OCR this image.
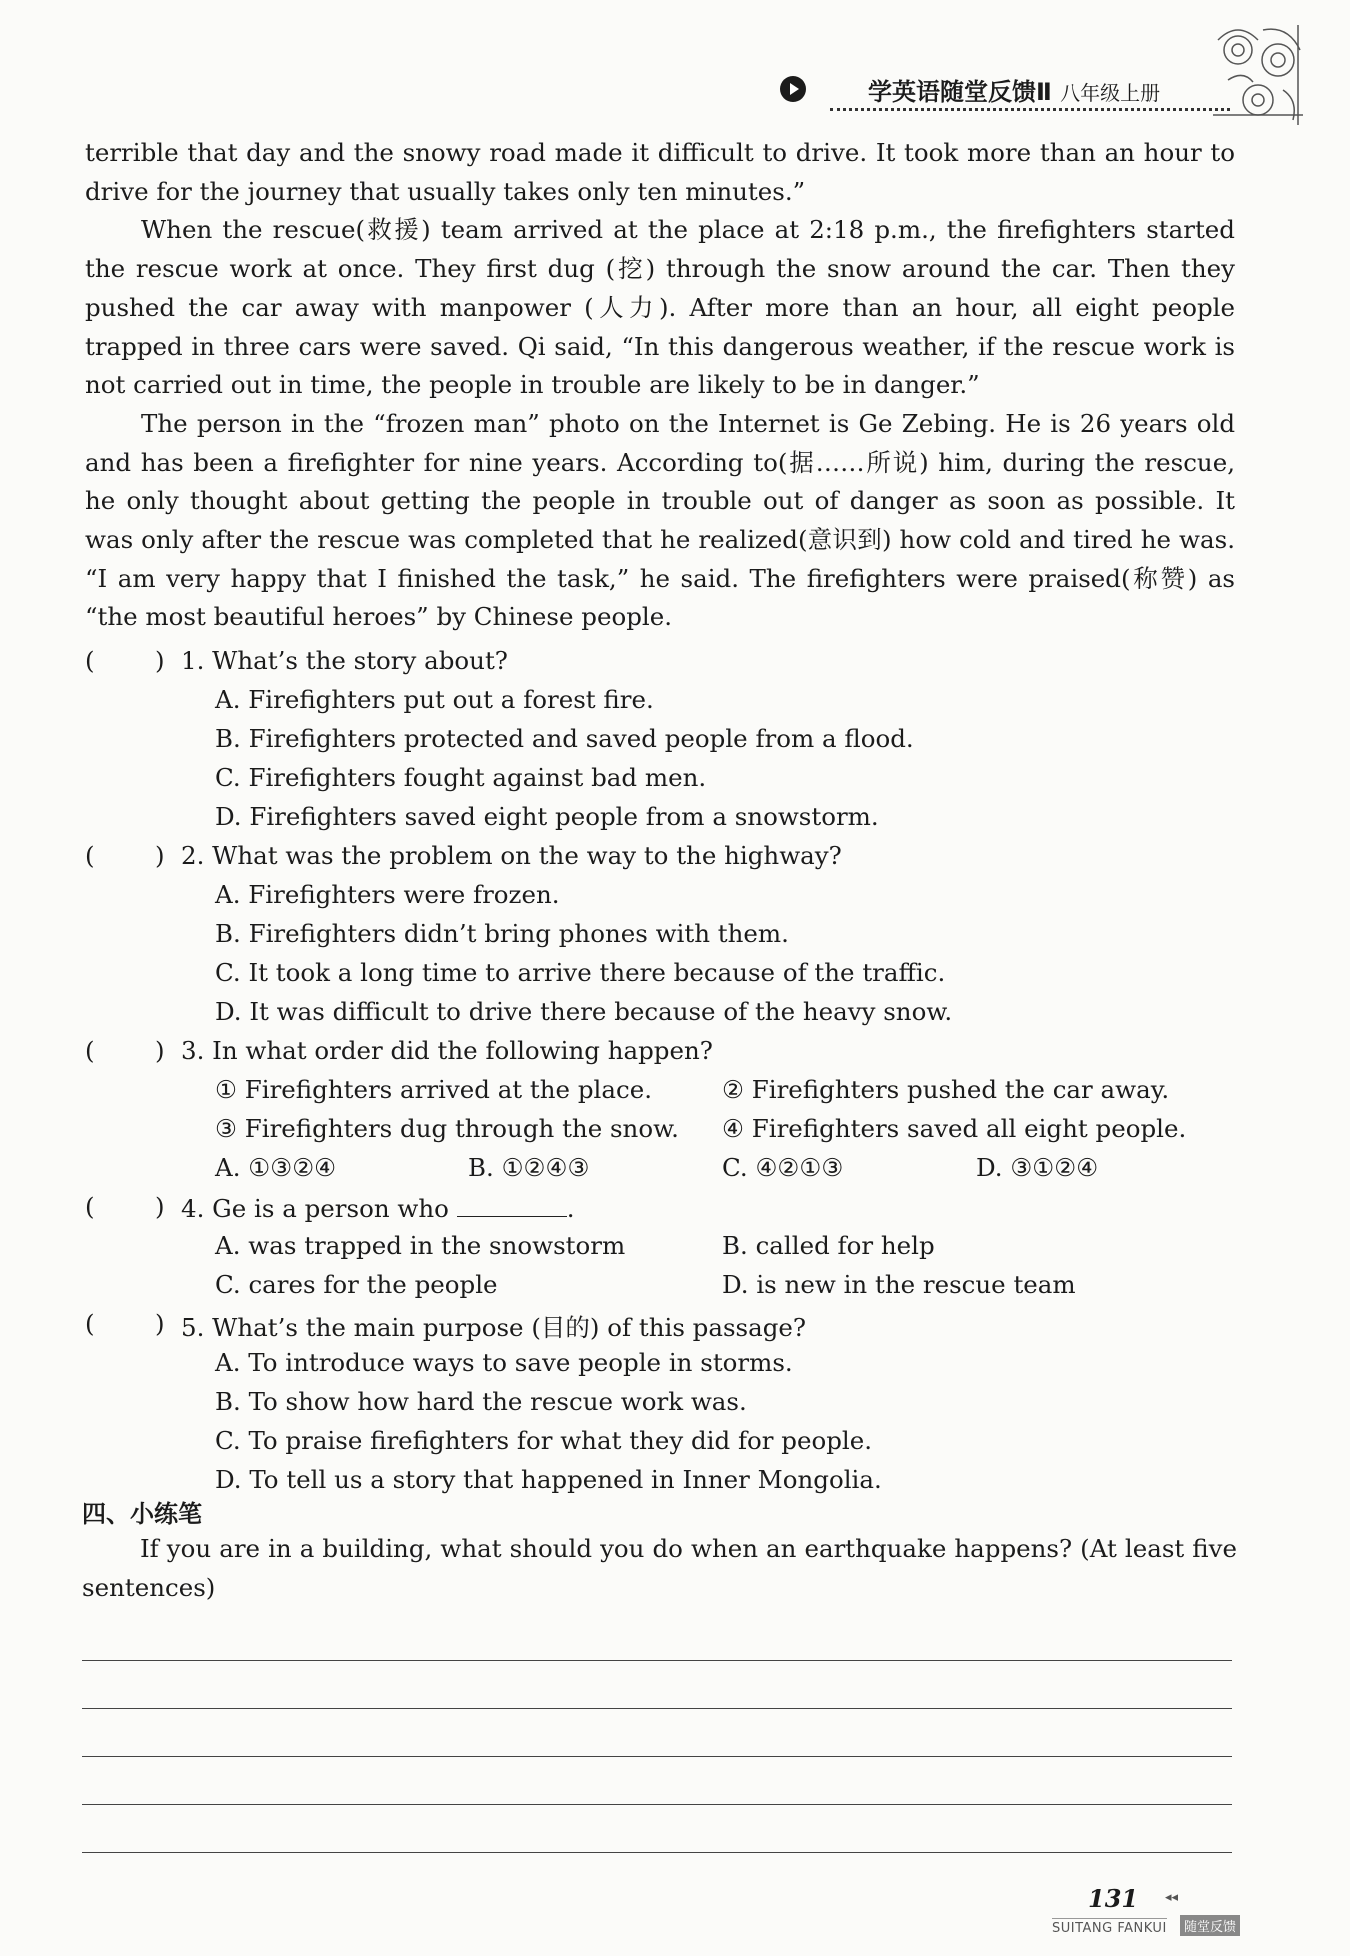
学英语随堂反馈Ⅱ 八年级上册

terrible that day and the snowy road made it difficult to drive. It took more than an hour to drive for the journey that usually takes only ten minutes.”

When the rescue(救援) team arrived at the place at 2:18 p.m., the firefighters started the rescue work at once. They first dug (挖) through the snow around the car. Then they pushed the car away with manpower (人力). After more than an hour, all eight people trapped in three cars were saved. Qi said, “In this dangerous weather, if the rescue work is not carried out in time, the people in trouble are likely to be in danger.”

The person in the “frozen man” photo on the Internet is Ge Zebing. He is 26 years old and has been a firefighter for nine years. According to(据……所说) him, during the rescue, he only thought about getting the people in trouble out of danger as soon as possible. It was only after the rescue was completed that he realized(意识到) how cold and tired he was. “I am very happy that I finished the task,” he said. The firefighters were praised(称赞) as “the most beautiful heroes” by Chinese people.

( ) 1. What’s the story about?
A. Firefighters put out a forest fire.
B. Firefighters protected and saved people from a flood.
C. Firefighters fought against bad men.
D. Firefighters saved eight people from a snowstorm.
( ) 2. What was the problem on the way to the highway?
A. Firefighters were frozen.
B. Firefighters didn’t bring phones with them.
C. It took a long time to arrive there because of the traffic.
D. It was difficult to drive there because of the heavy snow.
( ) 3. In what order did the following happen?
① Firefighters arrived at the place.	② Firefighters pushed the car away.
③ Firefighters dug through the snow. ④ Firefighters saved all eight people.
A. ①③②④	B. ①②④③	C. ④②①③	D. ③①②④
( ) 4. Ge is a person who	.
A. was trapped in the snowstorm	B. called for help
C. cares for the people	D. is new in the rescue team
( ) 5. What’s the main purpose (目的) of this passage?
A. To introduce ways to save people in storms.
B. To show how hard the rescue work was.
C. To praise firefighters for what they did for people.
D. To tell us a story that happened in Inner Mongolia.
四、小练笔

If you are in a building, what should you do when an earthquake happens? (At least five sentences)

131 ◂◂
SUITANG FANKUI	随堂反馈
